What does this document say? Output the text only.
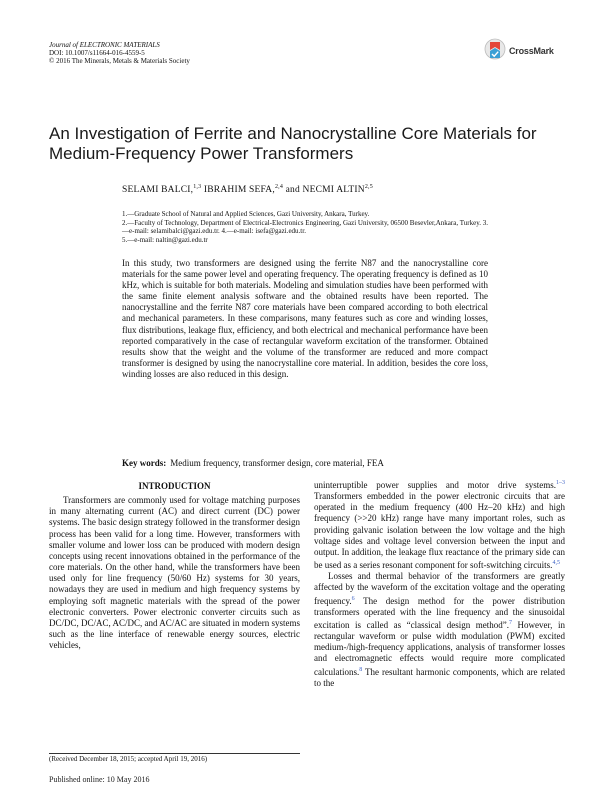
Journal of ELECTRONIC MATERIALS
DOI: 10.1007/s11664-016-4559-5
© 2016 The Minerals, Metals & Materials Society
CrossMark
An Investigation of Ferrite and Nanocrystalline Core Materials for Medium-Frequency Power Transformers
SELAMI BALCI,$^{1,3}$ IBRAHIM SEFA,$^{2,4}$ and NECMI ALTIN$^{2,5}$
1.—Graduate School of Natural and Applied Sciences, Gazi University, Ankara, Turkey.
2.—Faculty of Technology, Department of Electrical-Electronics Engineering, Gazi University, 06500 Besevler,Ankara, Turkey. 3.—e-mail: selamibalci@gazi.edu.tr. 4.—e-mail: isefa@gazi.edu.tr.
5.—e-mail: naltin@gazi.edu.tr

In this study, two transformers are designed using the ferrite N87 and the nanocrystalline core materials for the same power level and operating frequency. The operating frequency is defined as 10 kHz, which is suitable for both materials. Modeling and simulation studies have been performed with the same finite element analysis software and the obtained results have been reported. The nanocrystalline and the ferrite N87 core materials have been compared according to both electrical and mechanical parameters. In these comparisons, many features such as core and winding losses, flux distributions, leakage flux, efficiency, and both electrical and mechanical performance have been reported comparatively in the case of rectangular waveform excitation of the transformer. Obtained results show that the weight and the volume of the transformer are reduced and more compact transformer is designed by using the nanocrystalline core material. In addition, besides the core loss, winding losses are also reduced in this design.

Key words: Medium frequency, transformer design, core material, FEA
INTRODUCTION

Transformers are commonly used for voltage matching purposes in many alternating current (AC) and direct current (DC) power systems. The basic design strategy followed in the transformer design process has been valid for a long time. However, transformers with smaller volume and lower loss can be produced with modern design concepts using recent innovations obtained in the performance of the core materials. On the other hand, while the transformers have been used only for line frequency (50/60 Hz) systems for 30 years, nowadays they are used in medium and high frequency systems by employing soft magnetic materials with the spread of the power electronic converters. Power electronic converter circuits such as DC/DC, DC/AC, AC/DC, and AC/AC are situated in modern systems such as the line interface of renewable energy sources, electric vehicles,

uninterruptible power supplies and motor drive systems.$^{1-3}$ Transformers embedded in the power electronic circuits that are operated in the medium frequency (400 Hz–20 kHz) and high frequency (>>20 kHz) range have many important roles, such as providing galvanic isolation between the low voltage and the high voltage sides and voltage level conversion between the input and output. In addition, the leakage flux reactance of the primary side can be used as a series resonant component for soft-switching circuits.$^{4,5}$

Losses and thermal behavior of the transformers are greatly affected by the waveform of the excitation voltage and the operating frequency.$^6$ The design method for the power distribution transformers operated with the line frequency and the sinusoidal excitation is called as “classical design method”.$^7$ However, in rectangular waveform or pulse width modulation (PWM) excited medium-/high-frequency applications, analysis of transformer losses and electromagnetic effects would require more complicated calculations.$^8$ The resultant harmonic components, which are related to the

(Received December 18, 2015; accepted April 19, 2016)
Published online: 10 May 2016
